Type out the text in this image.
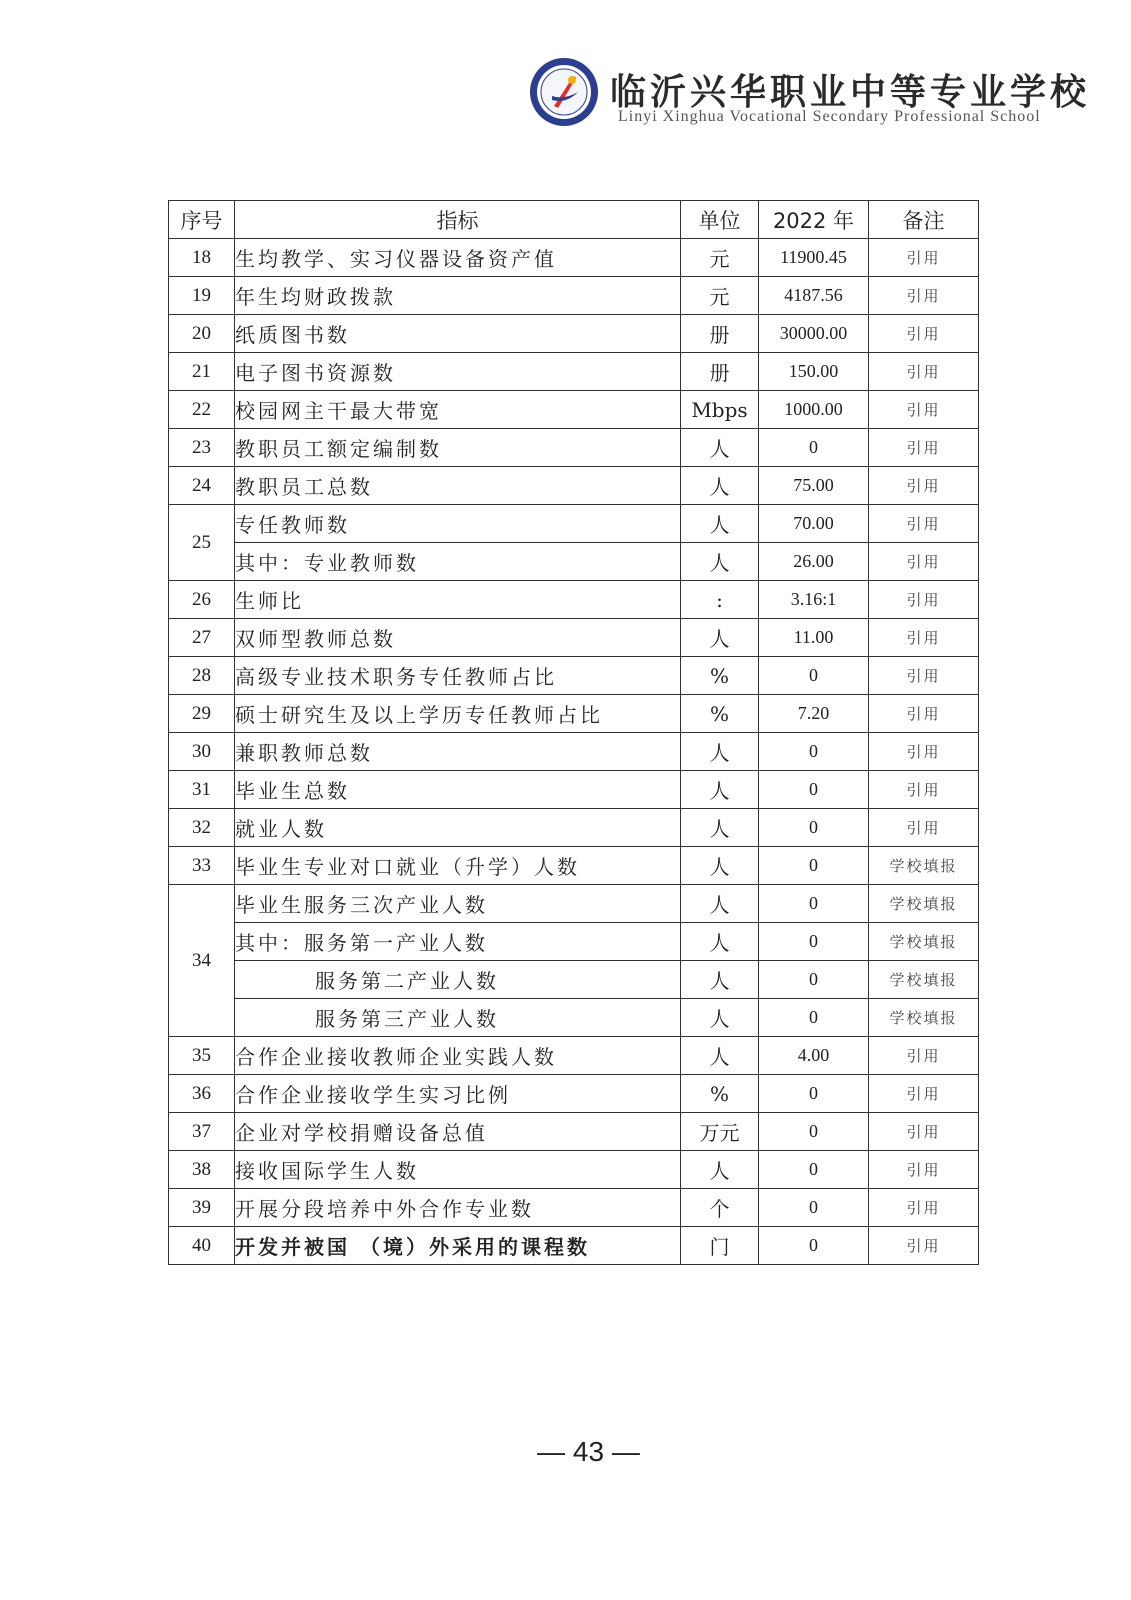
临沂兴华职业中等专业学校
Linyi Xinghua Vocational Secondary Professional School
序号	指标	单位	2022 年	备注
18	生均教学、实习仪器设备资产值	元	11900.45	引用
19	年生均财政拨款	元	4187.56	引用
20	纸质图书数	册	30000.00	引用
21	电子图书资源数	册	150.00	引用
22	校园网主干最大带宽	Mbps	1000.00	引用
23	教职员工额定编制数	人	0	引用
24	教职员工总数	人	75.00	引用
25	专任教师数	人	70.00	引用
	其中：专业教师数	人	26.00	引用
26	生师比	:	3.16:1	引用
27	双师型教师总数	人	11.00	引用
28	高级专业技术职务专任教师占比	%	0	引用
29	硕士研究生及以上学历专任教师占比	%	7.20	引用
30	兼职教师总数	人	0	引用
31	毕业生总数	人	0	引用
32	就业人数	人	0	引用
33	毕业生专业对口就业（升学）人数	人	0	学校填报
34	毕业生服务三次产业人数	人	0	学校填报
	其中：服务第一产业人数	人	0	学校填报
	服务第二产业人数	人	0	学校填报
	服务第三产业人数	人	0	学校填报
35	合作企业接收教师企业实践人数	人	4.00	引用
36	合作企业接收学生实习比例	%	0	引用
37	企业对学校捐赠设备总值	万元	0	引用
38	接收国际学生人数	人	0	引用
39	开展分段培养中外合作专业数	个	0	引用
40	开发并被国 （境）外采用的课程数	门	0	引用
— 43 —
